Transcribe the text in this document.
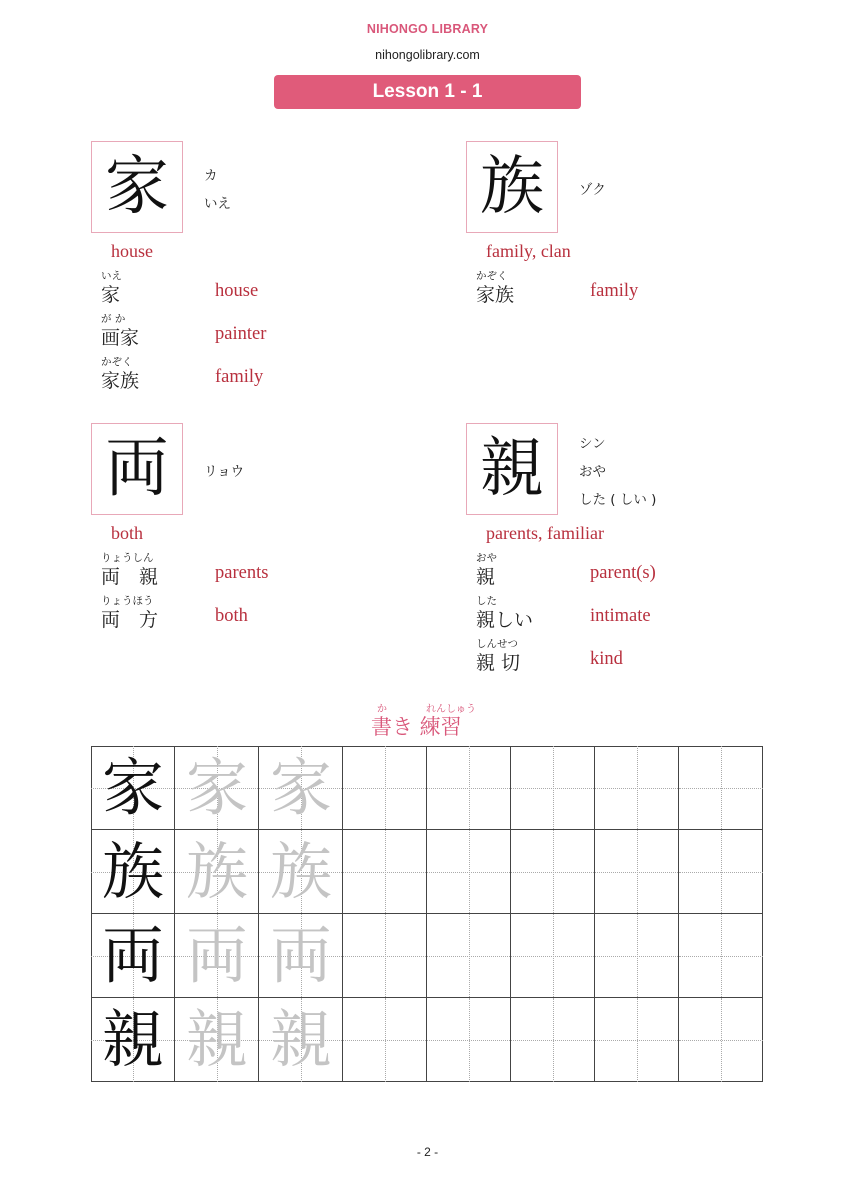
NIHONGO LIBRARY
nihongolibrary.com
Lesson 1 - 1
家	カ
いえ
house
いえ
家	house
が か
画家	painter
かぞく
家族	family
族	ゾク
family, clan
かぞく
家族	family
両	リョウ
both
りょうしん
両　親	parents
りょうほう
両　方	both
親	シン
おや
した ( しい )
parents, familiar
おや
親	parent(s)
した
親しい	intimate
しんせつ
親 切	kind
か	れんしゅう
書き 練習
家 家 家
族 族 族
両 両 両
親 親 親
- 2 -
